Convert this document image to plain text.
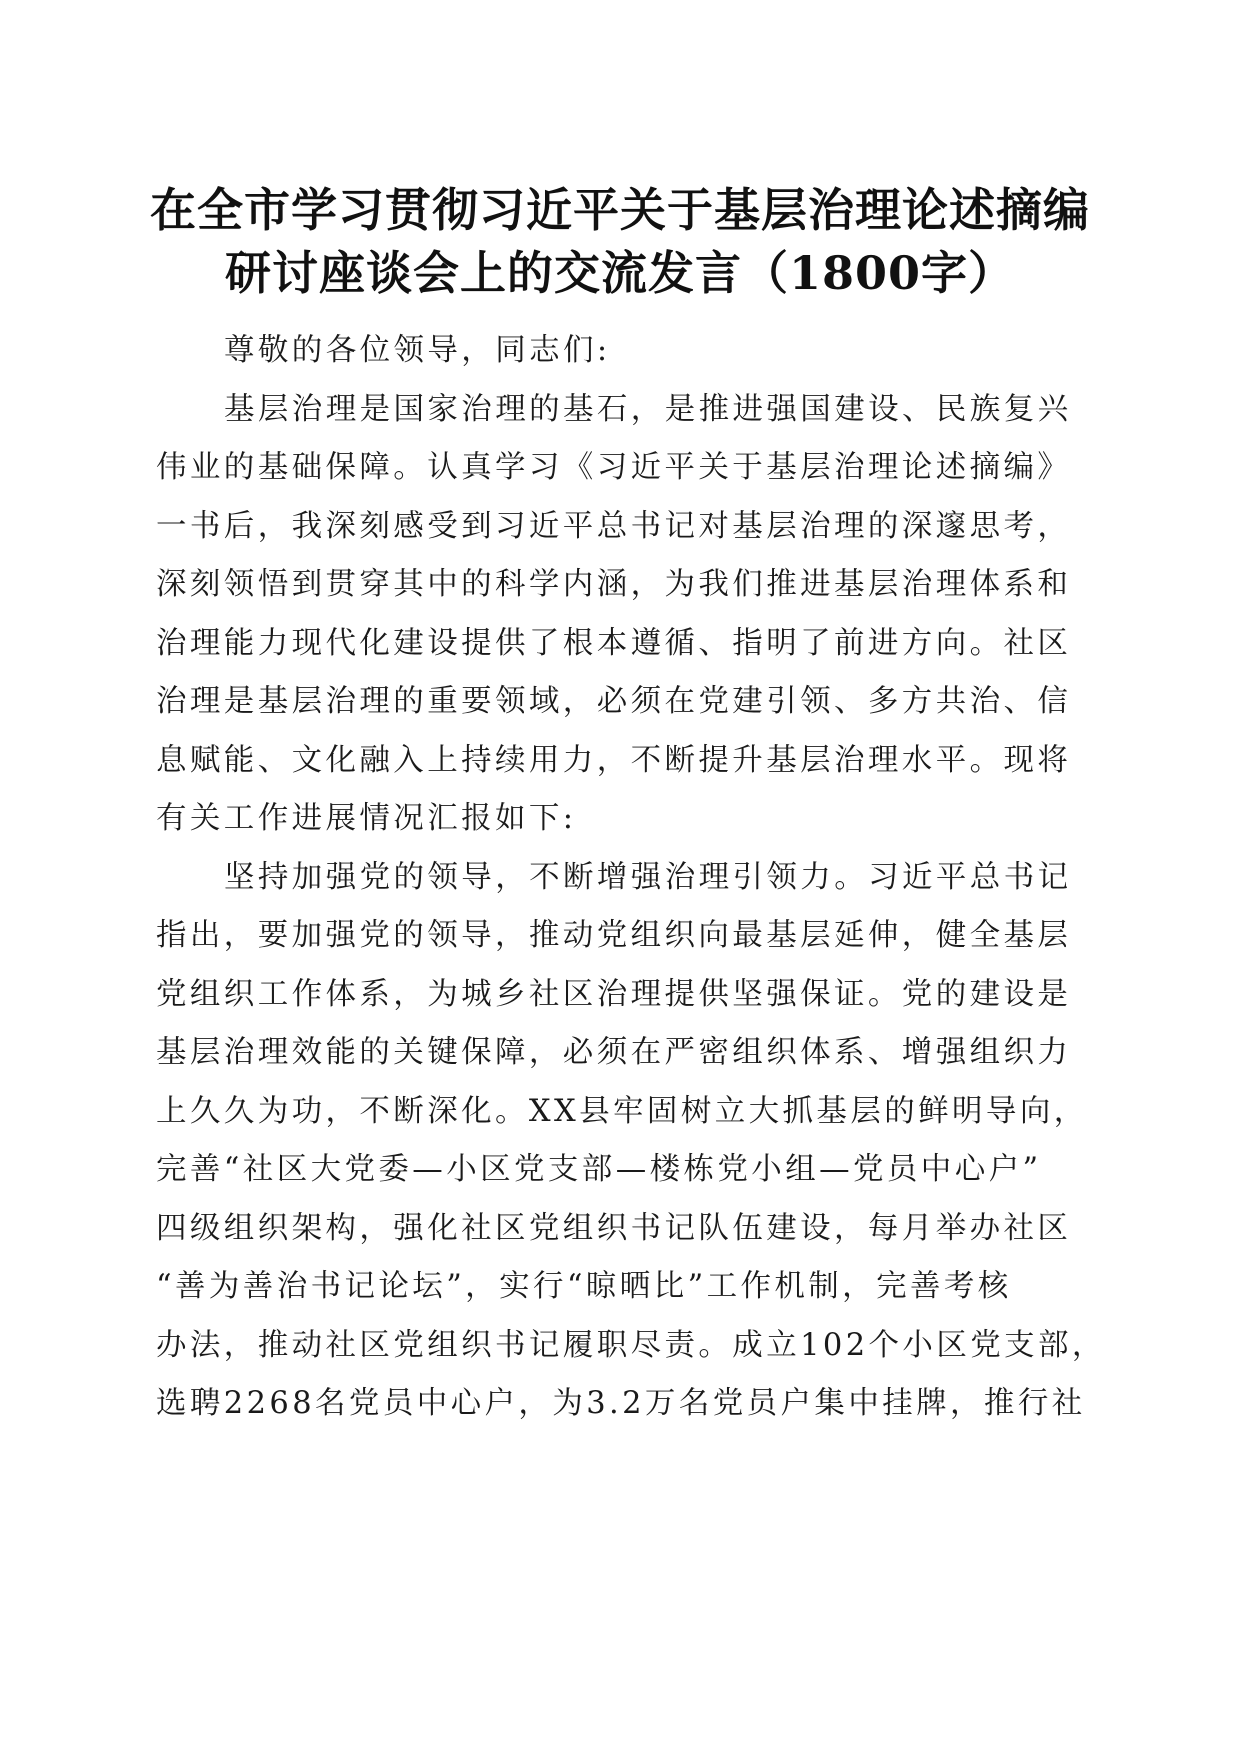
在全市学习贯彻习近平关于基层治理论述摘编
研讨座谈会上的交流发言（1800字）
尊敬的各位领导，同志们:
基层治理是国家治理的基石，是推进强国建设、民族复兴
伟业的基础保障。认真学习《习近平关于基层治理论述摘编》
一书后，我深刻感受到习近平总书记对基层治理的深邃思考，
深刻领悟到贯穿其中的科学内涵，为我们推进基层治理体系和
治理能力现代化建设提供了根本遵循、指明了前进方向。社区
治理是基层治理的重要领域，必须在党建引领、多方共治、信
息赋能、文化融入上持续用力，不断提升基层治理水平。现将
有关工作进展情况汇报如下:
坚持加强党的领导，不断增强治理引领力。习近平总书记
指出，要加强党的领导，推动党组织向最基层延伸，健全基层
党组织工作体系，为城乡社区治理提供坚强保证。党的建设是
基层治理效能的关键保障，必须在严密组织体系、增强组织力
上久久为功，不断深化。XX县牢固树立大抓基层的鲜明导向，
完善“社区大党委—小区党支部—楼栋党小组—党员中心户”
四级组织架构，强化社区党组织书记队伍建设，每月举办社区
“善为善治书记论坛”，实行“晾晒比”工作机制，完善考核
办法，推动社区党组织书记履职尽责。成立102个小区党支部，
选聘2268名党员中心户，为3.2万名党员户集中挂牌，推行社
